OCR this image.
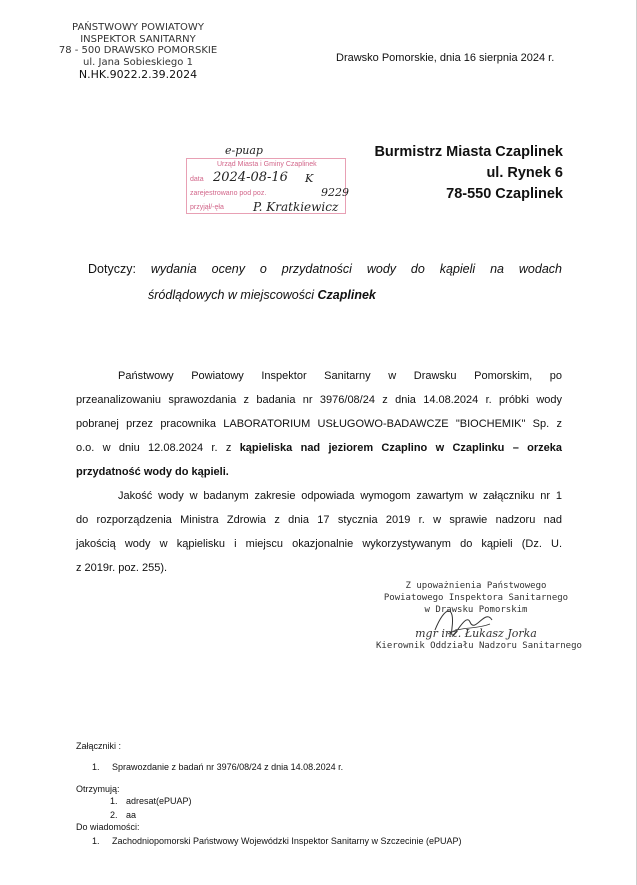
PAŃSTWOWY POWIATOWY
INSPEKTOR SANITARNY
78 - 500 DRAWSKO POMORSKIE
ul. Jana Sobieskiego 1
N.HK.9022.2.39.2024
Drawsko Pomorskie, dnia 16 sierpnia 2024 r.
e-puap
Urząd Miasta i Gminy Czaplinek
data 2024-08-16 K
zarejestrowano pod poz.	9229
przyjął/-ęła P. Kratkiewicz
Burmistrz Miasta Czaplinek
ul. Rynek 6
78-550 Czaplinek
Dotyczy: wydania oceny o przydatności wody do kąpieli na wodach
śródlądowych w miejscowości Czaplinek
Państwowy Powiatowy Inspektor Sanitarny w Drawsku Pomorskim, po
przeanalizowaniu sprawozdania z badania nr 3976/08/24 z dnia 14.08.2024 r. próbki wody
pobranej przez pracownika LABORATORIUM USŁUGOWO-BADAWCZE "BIOCHEMIK" Sp. z
o.o. w dniu 12.08.2024 r. z kąpieliska nad jeziorem Czaplino w Czaplinku – orzeka
przydatność wody do kąpieli.
Jakość wody w badanym zakresie odpowiada wymogom zawartym w załączniku nr 1
do rozporządzenia Ministra Zdrowia z dnia 17 stycznia 2019 r. w sprawie nadzoru nad
jakością wody w kąpielisku i miejscu okazjonalnie wykorzystywanym do kąpieli (Dz. U.
z 2019r. poz. 255).
Z upoważnienia Państwowego
Powiatowego Inspektora Sanitarnego
w Drawsku Pomorskim
mgr inż. Łukasz Jorka
Kierownik Oddziału Nadzoru Sanitarnego
Załączniki :
1. Sprawozdanie z badań nr 3976/08/24 z dnia 14.08.2024 r.
Otrzymują:
1. adresat(ePUAP)
2. aa
Do wiadomości:
1. Zachodniopomorski Państwowy Wojewódzki Inspektor Sanitarny w Szczecinie (ePUAP)
